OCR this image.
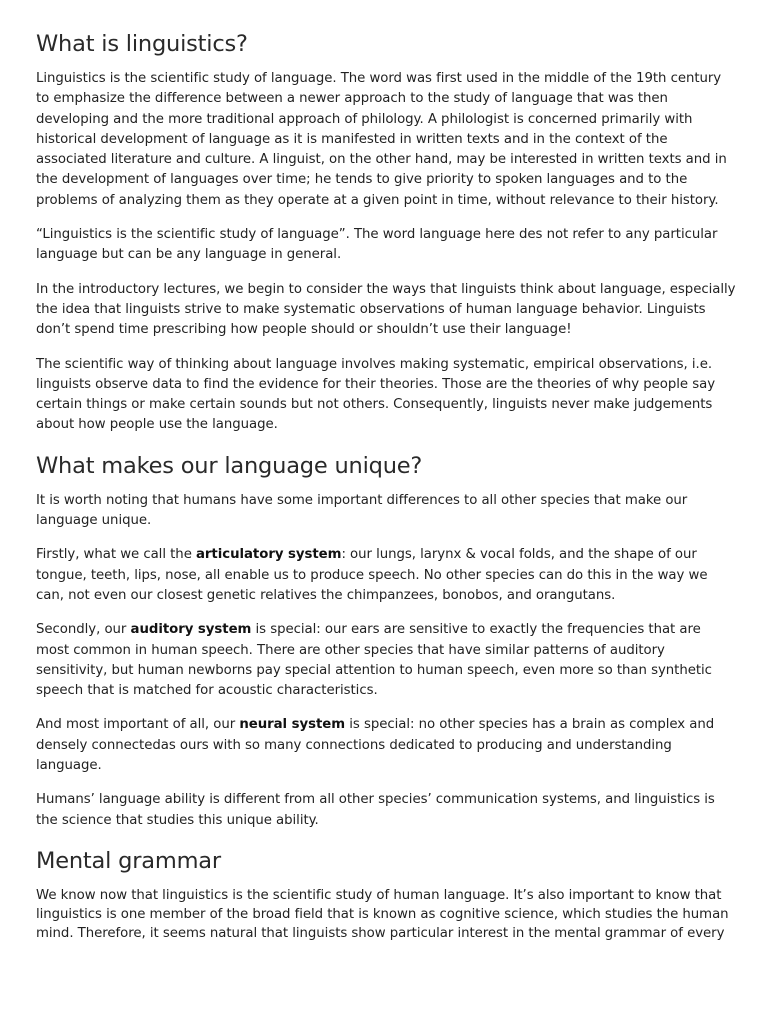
What is linguistics?

Linguistics is the scientific study of language. The word was first used in the middle of the 19th century to emphasize the difference between a newer approach to the study of language that was then developing and the more traditional approach of philology. A philologist is concerned primarily with historical development of language as it is manifested in written texts and in the context of the associated literature and culture. A linguist, on the other hand, may be interested in written texts and in the development of languages over time; he tends to give priority to spoken languages and to the problems of analyzing them as they operate at a given point in time, without relevance to their history.

“Linguistics is the scientific study of language”. The word language here des not refer to any particular language but can be any language in general.

In the introductory lectures, we begin to consider the ways that linguists think about language, especially the idea that linguists strive to make systematic observations of human language behavior. Linguists don’t spend time prescribing how people should or shouldn’t use their language!

The scientific way of thinking about language involves making systematic, empirical observations, i.e. linguists observe data to find the evidence for their theories. Those are the theories of why people say certain things or make certain sounds but not others. Consequently, linguists never make judgements about how people use the language.

What makes our language unique?

It is worth noting that humans have some important differences to all other species that make our language unique.

Firstly, what we call the articulatory system: our lungs, larynx & vocal folds, and the shape of our tongue, teeth, lips, nose, all enable us to produce speech. No other species can do this in the way we can, not even our closest genetic relatives the chimpanzees, bonobos, and orangutans.

Secondly, our auditory system is special: our ears are sensitive to exactly the frequencies that are most common in human speech. There are other species that have similar patterns of auditory sensitivity, but human newborns pay special attention to human speech, even more so than synthetic speech that is matched for acoustic characteristics.

And most important of all, our neural system is special: no other species has a brain as complex and densely connectedas ours with so many connections dedicated to producing and understanding language.

Humans’ language ability is different from all other species’ communication systems, and linguistics is the science that studies this unique ability.

Mental grammar

We know now that linguistics is the scientific study of human language. It’s also important to know that linguistics is one member of the broad field that is known as cognitive science, which studies the human mind. Therefore, it seems natural that linguists show particular interest in the mental grammar of every
